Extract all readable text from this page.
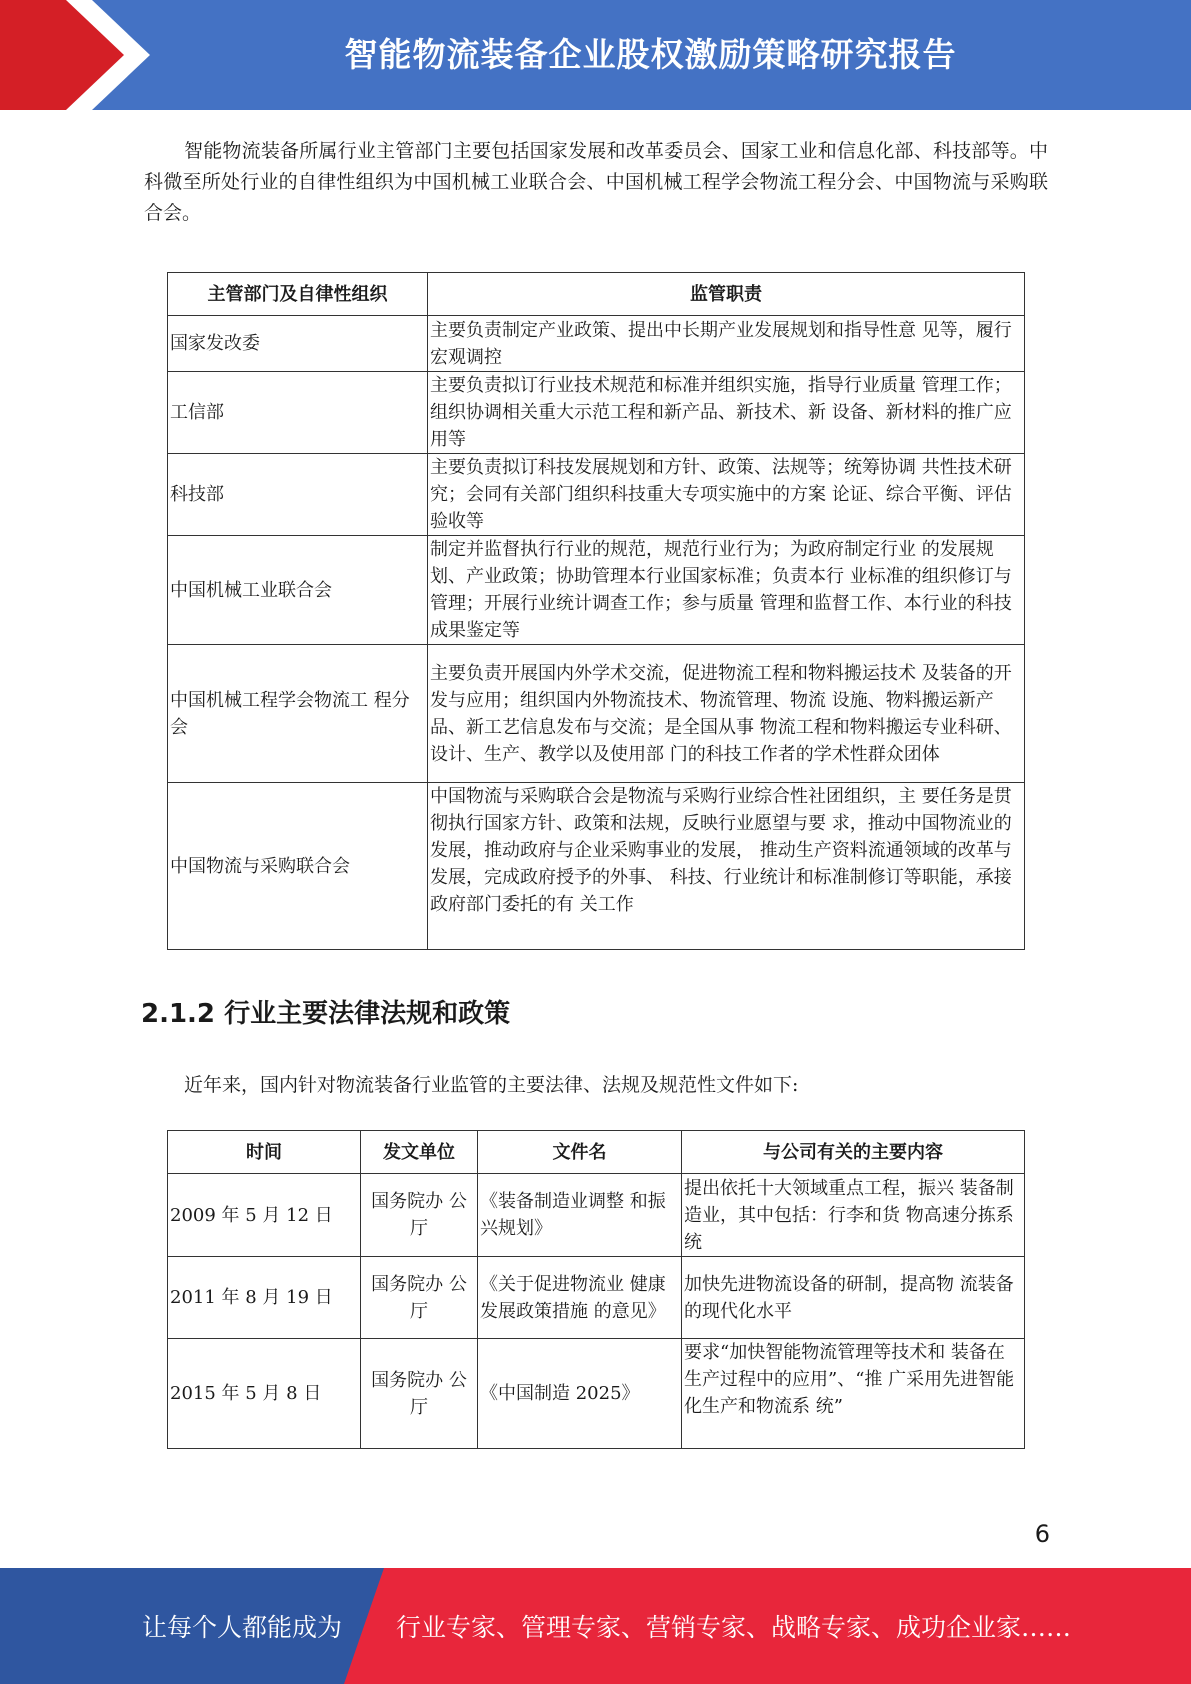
智能物流装备企业股权激励策略研究报告

智能物流装备所属行业主管部门主要包括国家发展和改革委员会、国家工业和信息化部、科技部等。中科微至所处行业的自律性组织为中国机械工业联合会、中国机械工程学会物流工程分会、中国物流与采购联合会。

主管部门及自律性组织	监管职责
国家发改委	主要负责制定产业政策、提出中长期产业发展规划和指导性意 见等，履行宏观调控
工信部	主要负责拟订行业技术规范和标准并组织实施，指导行业质量 管理工作；组织协调相关重大示范工程和新产品、新技术、新 设备、新材料的推广应用等
科技部	主要负责拟订科技发展规划和方针、政策、法规等；统筹协调 共性技术研究；会同有关部门组织科技重大专项实施中的方案 论证、综合平衡、评估验收等
中国机械工业联合会	制定并监督执行行业的规范，规范行业行为；为政府制定行业 的发展规划、产业政策；协助管理本行业国家标准；负责本行 业标准的组织修订与管理；开展行业统计调查工作；参与质量 管理和监督工作、本行业的科技成果鉴定等
中国机械工程学会物流工 程分会	主要负责开展国内外学术交流，促进物流工程和物料搬运技术 及装备的开发与应用；组织国内外物流技术、物流管理、物流 设施、物料搬运新产品、新工艺信息发布与交流；是全国从事 物流工程和物料搬运专业科研、设计、生产、教学以及使用部 门的科技工作者的学术性群众团体
中国物流与采购联合会	中国物流与采购联合会是物流与采购行业综合性社团组织，主 要任务是贯彻执行国家方针、政策和法规，反映行业愿望与要 求，推动中国物流业的发展，推动政府与企业采购事业的发展， 推动生产资料流通领域的改革与发展，完成政府授予的外事、 科技、行业统计和标准制修订等职能，承接政府部门委托的有 关工作
2.1.2 行业主要法律法规和政策

近年来，国内针对物流装备行业监管的主要法律、法规及规范性文件如下:

时间	发文单位	文件名	与公司有关的主要内容
2009 年 5 月 12 日	国务院办 公厅	《装备制造业调整 和振兴规划》	提出依托十大领域重点工程，振兴 装备制造业，其中包括：行李和货 物高速分拣系统
2011 年 8 月 19 日	国务院办 公厅	《关于促进物流业 健康发展政策措施 的意见》	加快先进物流设备的研制，提高物 流装备的现代化水平
2015 年 5 月 8 日	国务院办 公厅	《中国制造 2025》	要求“加快智能物流管理等技术和 装备在生产过程中的应用”、“推 广采用先进智能化生产和物流系 统”
6
让每个人都能成为 行业专家、管理专家、营销专家、战略专家、成功企业家……
